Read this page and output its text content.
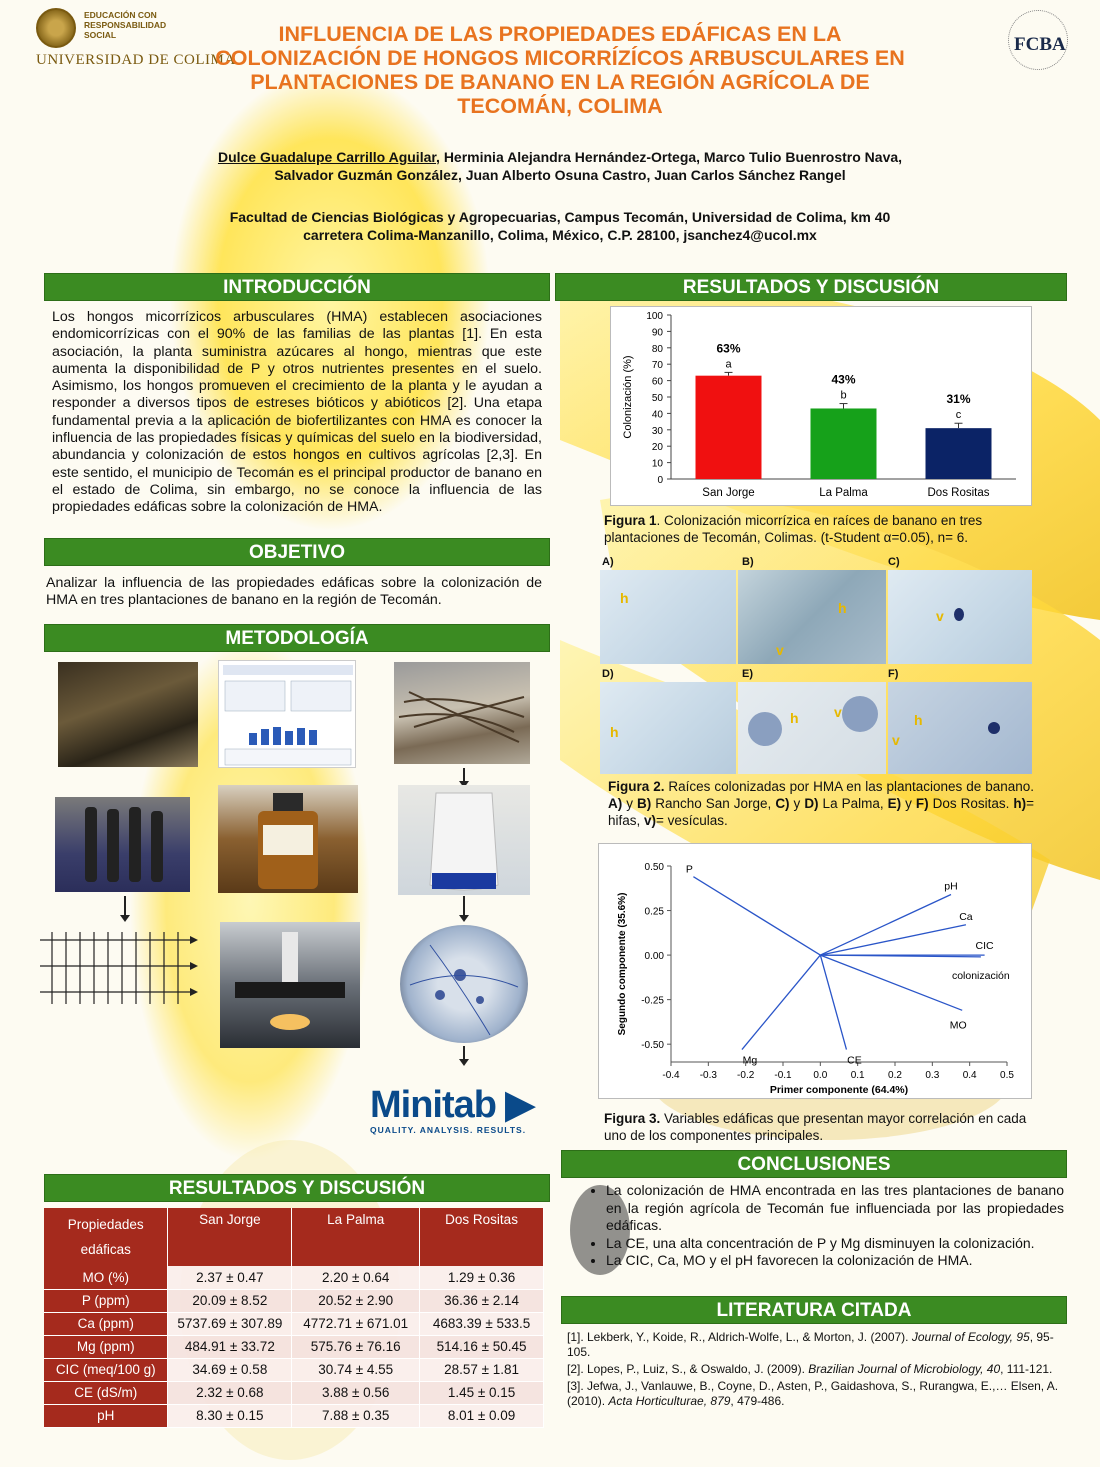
EDUCACIÓN CON RESPONSABILIDAD SOCIAL
UNIVERSIDAD DE COLIMA
FCBA
INFLUENCIA DE LAS PROPIEDADES EDÁFICAS EN LA COLONIZACIÓN DE HONGOS MICORRÍZÍCOS ARBUSCULARES EN PLANTACIONES DE BANANO EN LA REGIÓN AGRÍCOLA DE TECOMÁN, COLIMA
Dulce Guadalupe Carrillo Aguilar, Herminia Alejandra Hernández-Ortega, Marco Tulio Buenrostro Nava, Salvador Guzmán González, Juan Alberto Osuna Castro, Juan Carlos Sánchez Rangel
Facultad de Ciencias Biológicas y Agropecuarias, Campus Tecomán, Universidad de Colima, km 40 carretera Colima-Manzanillo, Colima, México, C.P. 28100, jsanchez4@ucol.mx
INTRODUCCIÓN
Los hongos micorrízicos arbusculares (HMA) establecen asociaciones endomicorrízicas con el 90% de las familias de las plantas [1]. En esta asociación, la planta suministra azúcares al hongo, mientras que este aumenta la disponibilidad de P y otros nutrientes presentes en el suelo. Asimismo, los hongos promueven el crecimiento de la planta y le ayudan a responder a diversos tipos de estreses bióticos y abióticos [2]. Una etapa fundamental previa a la aplicación de biofertilizantes con HMA es conocer la influencia de las propiedades físicas y químicas del suelo en la biodiversidad, abundancia y colonización de estos hongos en cultivos agrícolas [2,3]. En este sentido, el municipio de Tecomán es el principal productor de banano en el estado de Colima, sin embargo, no se conoce la influencia de las propiedades edáficas sobre la colonización de HMA.
OBJETIVO
Analizar la influencia de las propiedades edáficas sobre la colonización de HMA en tres plantaciones de banano en la región de Tecomán.
METODOLOGÍA
Minitab ▶
QUALITY. ANALYSIS. RESULTS.
RESULTADOS Y DISCUSIÓN
Propiedades edáficas	San Jorge	La Palma	Dos Rositas
MO (%)	2.37 ± 0.47	2.20 ± 0.64	1.29 ± 0.36
P (ppm)	20.09 ± 8.52	20.52 ± 2.90	36.36 ± 2.14
Ca (ppm)	5737.69 ± 307.89	4772.71 ± 671.01	4683.39 ± 533.5
Mg (ppm)	484.91 ± 33.72	575.76 ± 76.16	514.16 ± 50.45
CIC (meq/100 g)	34.69 ± 0.58	30.74 ± 4.55	28.57 ± 1.81
CE (dS/m)	2.32 ± 0.68	3.88 ± 0.56	1.45 ± 0.15
pH	8.30 ± 0.15	7.88 ± 0.35	8.01 ± 0.09
RESULTADOS Y DISCUSIÓN
0
10
20
30
40
50
60
70
80
90
100
Colonización (%)	a
63%
San Jorge
b
43%
La Palma
c
31%
Dos Rositas
Figura 1. Colonización micorrízica en raíces de banano en tres plantaciones de Tecomán, Colimas. (t-Student α=0.05), n= 6.
A)	B)	C)
h
h
v
v
D)	E)	F)
h
h	v	h
v
Figura 2. Raíces colonizadas por HMA en las plantaciones de banano. A) y B) Rancho San Jorge, C) y D) La Palma, E) y F) Dos Rositas. h)= hifas, v)= vesículas.
0.50
0.25
0.00
-0.25
-0.50
-0.4 -0.3 -0.2 -0.1 0.0 0.1 0.2 0.3 0.4 0.5
Primer componente (64.4%)
Segundo componente (35.6%)
P
pH
Ca
CIC
colonización
MO
Mg	CE
Figura 3. Variables edáficas que presentan mayor correlación en cada uno de los componentes principales.
CONCLUSIONES
• La colonización de HMA encontrada en las tres plantaciones de banano en la región agrícola de Tecomán fue influenciada por las propiedades edáficas.
• La CE, una alta concentración de P y Mg disminuyen la colonización.
• La CIC, Ca, MO y el pH favorecen la colonización de HMA.
LITERATURA CITADA

[1]. Lekberk, Y., Koide, R., Aldrich-Wolfe, L., & Morton, J. (2007). Journal of Ecology, 95, 95-105.

[2]. Lopes, P., Luiz, S., & Oswaldo, J. (2009). Brazilian Journal of Microbiology, 40, 111-121.

[3]. Jefwa, J., Vanlauwe, B., Coyne, D., Asten, P., Gaidashova, S., Rurangwa, E.,… Elsen, A. (2010). Acta Horticulturae, 879, 479-486.
